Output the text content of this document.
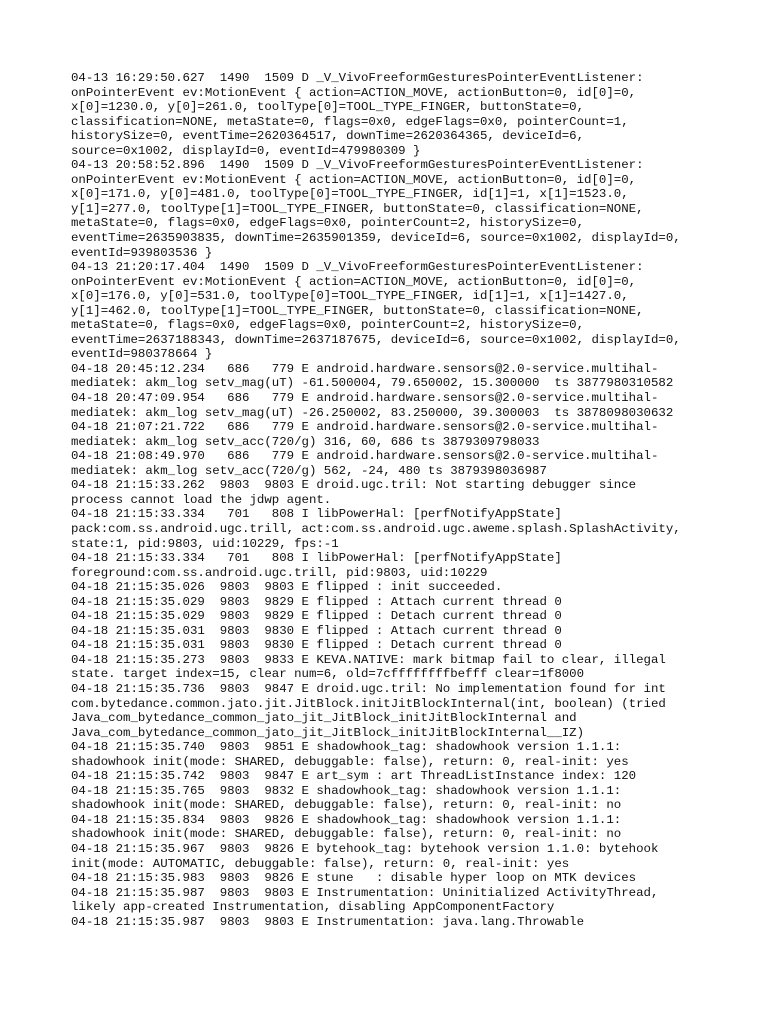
04-13 16:29:50.627  1490  1509 D _V_VivoFreeformGesturesPointerEventListener:
onPointerEvent ev:MotionEvent { action=ACTION_MOVE, actionButton=0, id[0]=0,
x[0]=1230.0, y[0]=261.0, toolType[0]=TOOL_TYPE_FINGER, buttonState=0,
classification=NONE, metaState=0, flags=0x0, edgeFlags=0x0, pointerCount=1,
historySize=0, eventTime=2620364517, downTime=2620364365, deviceId=6,
source=0x1002, displayId=0, eventId=479980309 }
04-13 20:58:52.896  1490  1509 D _V_VivoFreeformGesturesPointerEventListener:
onPointerEvent ev:MotionEvent { action=ACTION_MOVE, actionButton=0, id[0]=0,
x[0]=171.0, y[0]=481.0, toolType[0]=TOOL_TYPE_FINGER, id[1]=1, x[1]=1523.0,
y[1]=277.0, toolType[1]=TOOL_TYPE_FINGER, buttonState=0, classification=NONE,
metaState=0, flags=0x0, edgeFlags=0x0, pointerCount=2, historySize=0,
eventTime=2635903835, downTime=2635901359, deviceId=6, source=0x1002, displayId=0,
eventId=939803536 }
04-13 21:20:17.404  1490  1509 D _V_VivoFreeformGesturesPointerEventListener:
onPointerEvent ev:MotionEvent { action=ACTION_MOVE, actionButton=0, id[0]=0,
x[0]=176.0, y[0]=531.0, toolType[0]=TOOL_TYPE_FINGER, id[1]=1, x[1]=1427.0,
y[1]=462.0, toolType[1]=TOOL_TYPE_FINGER, buttonState=0, classification=NONE,
metaState=0, flags=0x0, edgeFlags=0x0, pointerCount=2, historySize=0,
eventTime=2637188343, downTime=2637187675, deviceId=6, source=0x1002, displayId=0,
eventId=980378664 }
04-18 20:45:12.234   686   779 E android.hardware.sensors@2.0-service.multihal-
mediatek: akm_log setv_mag(uT) -61.500004, 79.650002, 15.300000  ts 3877980310582
04-18 20:47:09.954   686   779 E android.hardware.sensors@2.0-service.multihal-
mediatek: akm_log setv_mag(uT) -26.250002, 83.250000, 39.300003  ts 3878098030632
04-18 21:07:21.722   686   779 E android.hardware.sensors@2.0-service.multihal-
mediatek: akm_log setv_acc(720/g) 316, 60, 686 ts 3879309798033
04-18 21:08:49.970   686   779 E android.hardware.sensors@2.0-service.multihal-
mediatek: akm_log setv_acc(720/g) 562, -24, 480 ts 3879398036987
04-18 21:15:33.262  9803  9803 E droid.ugc.tril: Not starting debugger since
process cannot load the jdwp agent.
04-18 21:15:33.334   701   808 I libPowerHal: [perfNotifyAppState]
pack:com.ss.android.ugc.trill, act:com.ss.android.ugc.aweme.splash.SplashActivity,
state:1, pid:9803, uid:10229, fps:-1
04-18 21:15:33.334   701   808 I libPowerHal: [perfNotifyAppState]
foreground:com.ss.android.ugc.trill, pid:9803, uid:10229
04-18 21:15:35.026  9803  9803 E flipped : init succeeded.
04-18 21:15:35.029  9803  9829 E flipped : Attach current thread 0
04-18 21:15:35.029  9803  9829 E flipped : Detach current thread 0
04-18 21:15:35.031  9803  9830 E flipped : Attach current thread 0
04-18 21:15:35.031  9803  9830 E flipped : Detach current thread 0
04-18 21:15:35.273  9803  9833 E KEVA.NATIVE: mark bitmap fail to clear, illegal
state. target index=15, clear num=6, old=7cffffffffbefff clear=1f8000
04-18 21:15:35.736  9803  9847 E droid.ugc.tril: No implementation found for int
com.bytedance.common.jato.jit.JitBlock.initJitBlockInternal(int, boolean) (tried
Java_com_bytedance_common_jato_jit_JitBlock_initJitBlockInternal and
Java_com_bytedance_common_jato_jit_JitBlock_initJitBlockInternal__IZ)
04-18 21:15:35.740  9803  9851 E shadowhook_tag: shadowhook version 1.1.1:
shadowhook init(mode: SHARED, debuggable: false), return: 0, real-init: yes
04-18 21:15:35.742  9803  9847 E art_sym : art ThreadListInstance index: 120
04-18 21:15:35.765  9803  9832 E shadowhook_tag: shadowhook version 1.1.1:
shadowhook init(mode: SHARED, debuggable: false), return: 0, real-init: no
04-18 21:15:35.834  9803  9826 E shadowhook_tag: shadowhook version 1.1.1:
shadowhook init(mode: SHARED, debuggable: false), return: 0, real-init: no
04-18 21:15:35.967  9803  9826 E bytehook_tag: bytehook version 1.1.0: bytehook
init(mode: AUTOMATIC, debuggable: false), return: 0, real-init: yes
04-18 21:15:35.983  9803  9826 E stune   : disable hyper loop on MTK devices
04-18 21:15:35.987  9803  9803 E Instrumentation: Uninitialized ActivityThread,
likely app-created Instrumentation, disabling AppComponentFactory
04-18 21:15:35.987  9803  9803 E Instrumentation: java.lang.Throwable
